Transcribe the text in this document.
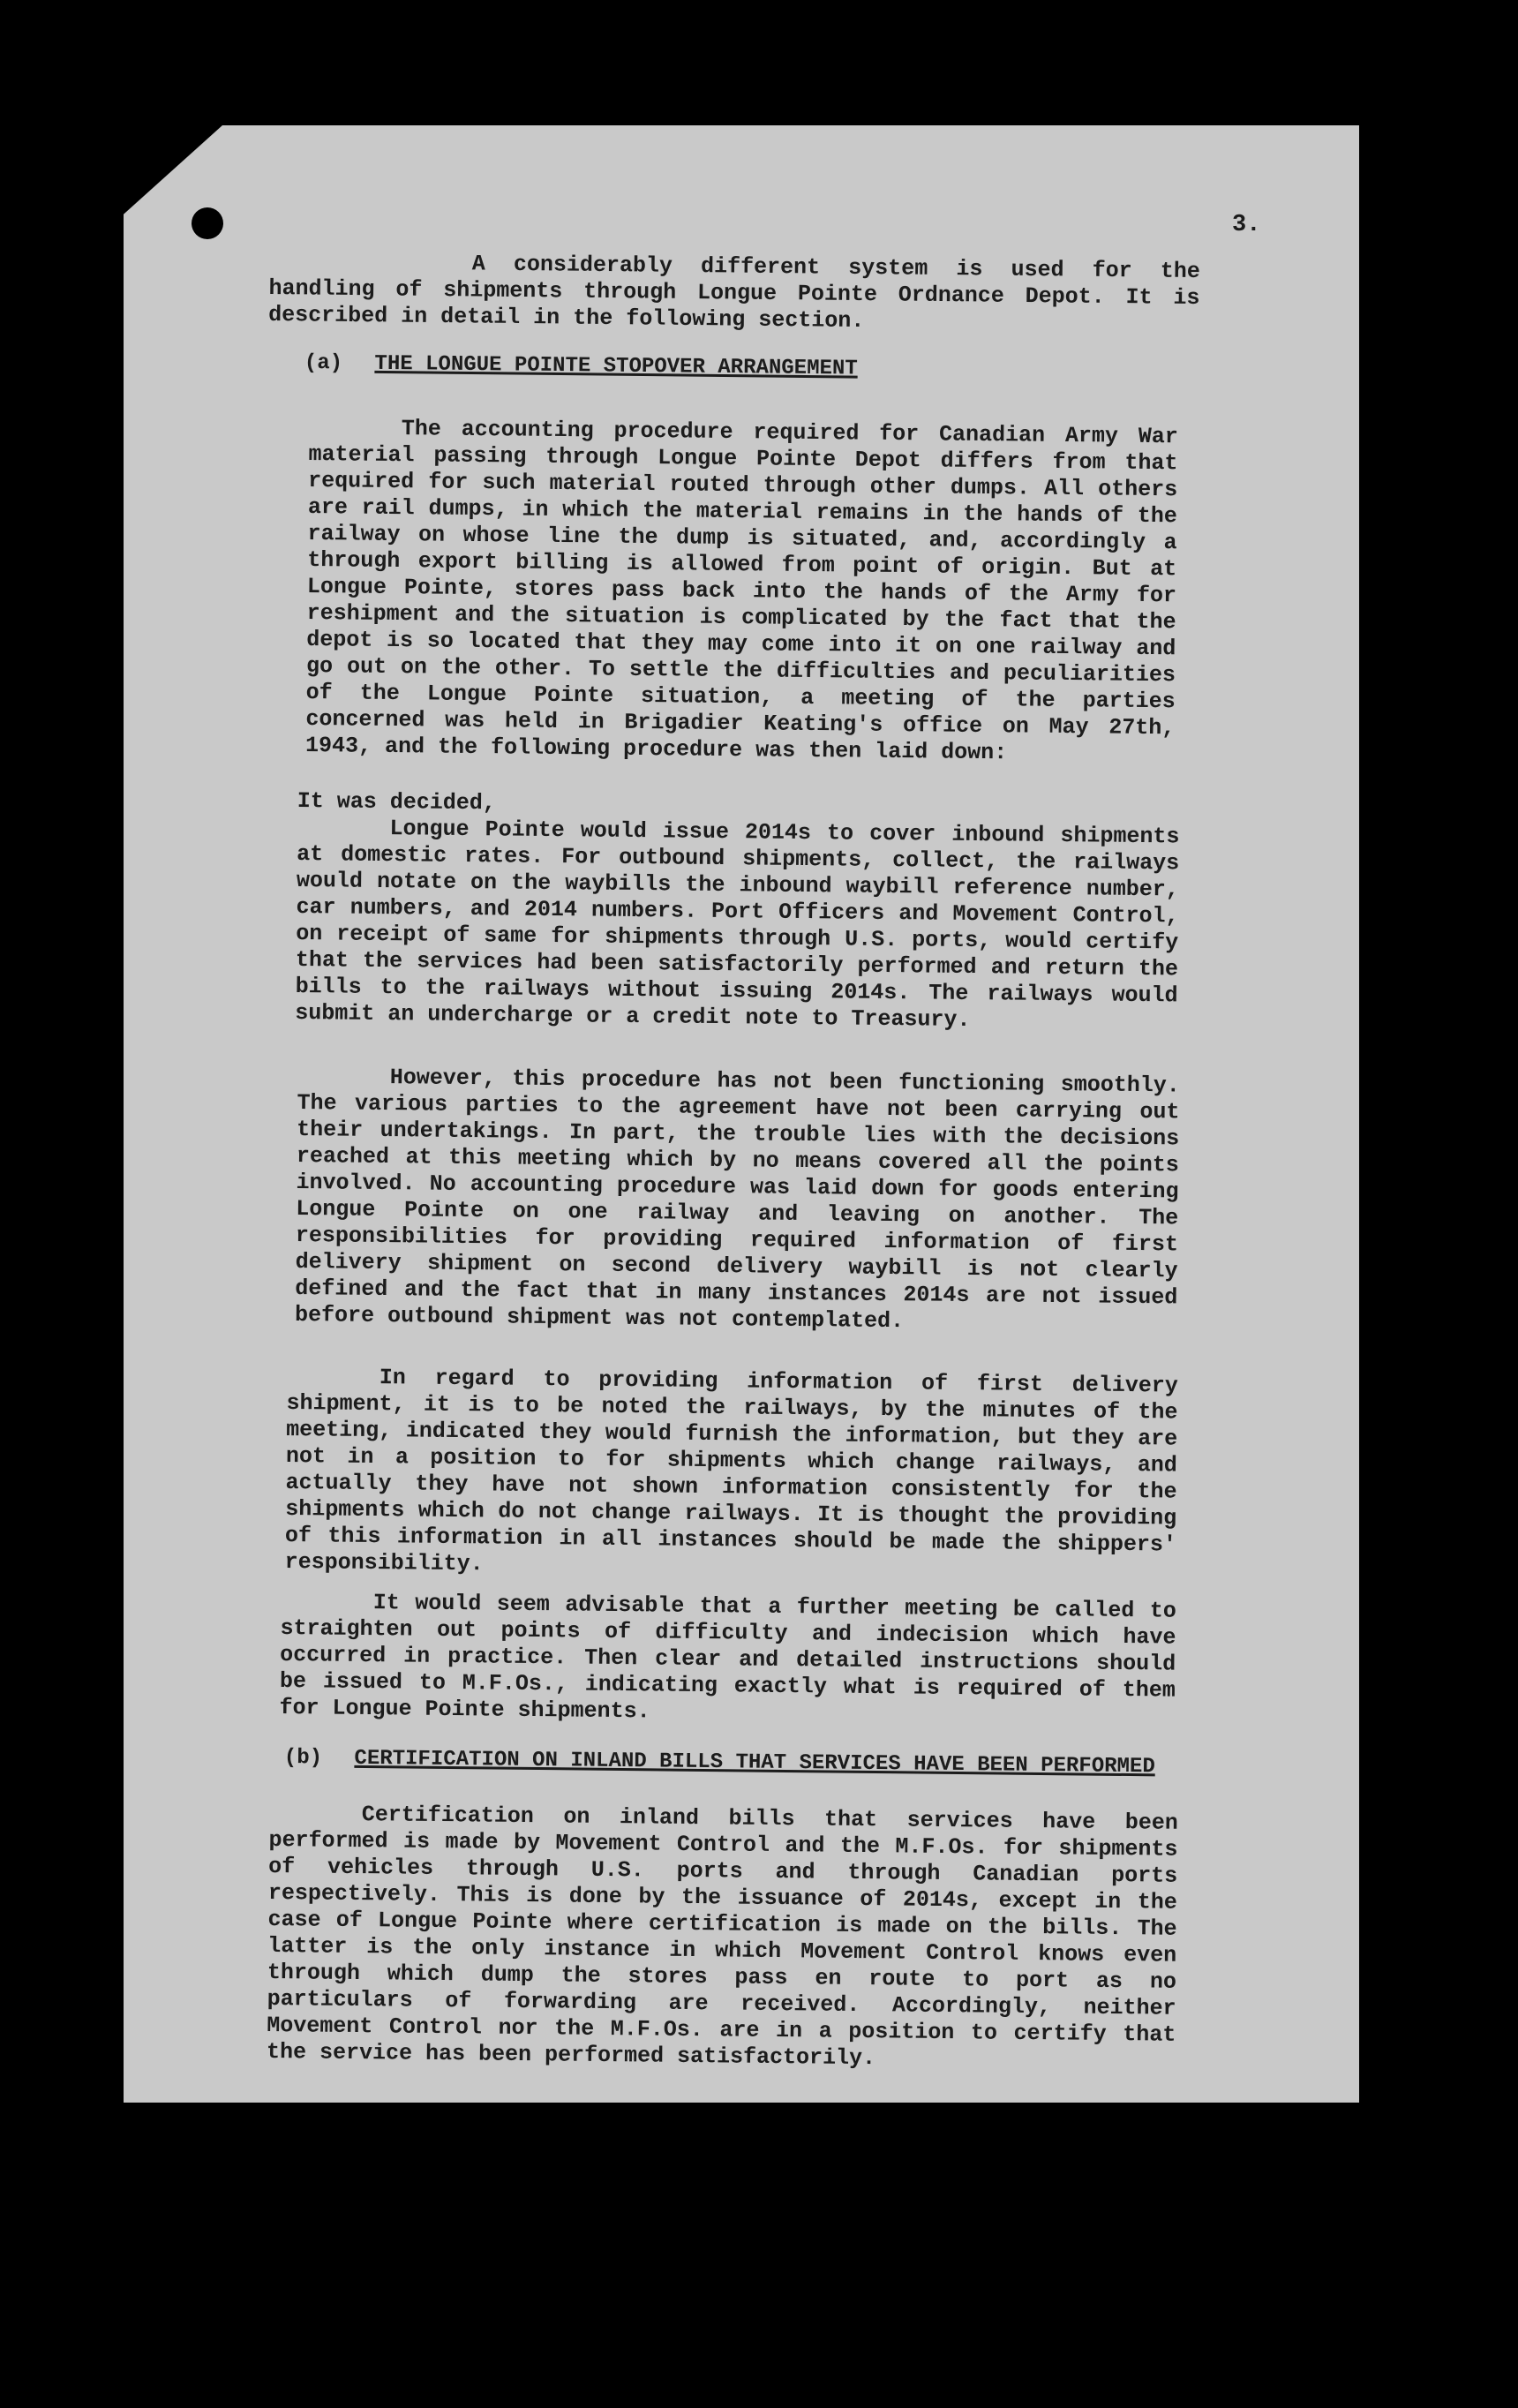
3.

A considerably different system is used for the handling of shipments through Longue Pointe Ordnance Depot. It is described in detail in the following section.

(a) THE LONGUE POINTE STOPOVER ARRANGEMENT

The accounting procedure required for Canadian Army War material passing through Longue Pointe Depot differs from that required for such material routed through other dumps. All others are rail dumps, in which the material remains in the hands of the railway on whose line the dump is situated, and, accordingly a through export billing is allowed from point of origin. But at Longue Pointe, stores pass back into the hands of the Army for reshipment and the situation is complicated by the fact that the depot is so located that they may come into it on one railway and go out on the other. To settle the difficulties and peculiarities of the Longue Pointe situation, a meeting of the parties concerned was held in Brigadier Keating's office on May 27th, 1943, and the following procedure was then laid down:

It was decided,

Longue Pointe would issue 2014s to cover inbound shipments at domestic rates. For outbound shipments, collect, the railways would notate on the waybills the inbound waybill reference number, car numbers, and 2014 numbers. Port Officers and Movement Control, on receipt of same for shipments through U.S. ports, would certify that the services had been satisfactorily performed and return the bills to the railways without issuing 2014s. The railways would submit an undercharge or a credit note to Treasury.

However, this procedure has not been functioning smoothly. The various parties to the agreement have not been carrying out their undertakings. In part, the trouble lies with the decisions reached at this meeting which by no means covered all the points involved. No accounting procedure was laid down for goods entering Longue Pointe on one railway and leaving on another. The responsibilities for providing required information of first delivery shipment on second delivery waybill is not clearly defined and the fact that in many instances 2014s are not issued before outbound shipment was not contemplated.

In regard to providing information of first delivery shipment, it is to be noted the railways, by the minutes of the meeting, indicated they would furnish the information, but they are not in a position to for shipments which change railways, and actually they have not shown information consistently for the shipments which do not change railways. It is thought the providing of this information in all instances should be made the shippers' responsibility.

It would seem advisable that a further meeting be called to straighten out points of difficulty and indecision which have occurred in practice. Then clear and detailed instructions should be issued to M.F.Os., indicating exactly what is required of them for Longue Pointe shipments.

(b) CERTIFICATION ON INLAND BILLS THAT SERVICES HAVE BEEN PERFORMED

Certification on inland bills that services have been performed is made by Movement Control and the M.F.Os. for shipments of vehicles through U.S. ports and through Canadian ports respectively. This is done by the issuance of 2014s, except in the case of Longue Pointe where certification is made on the bills. The latter is the only instance in which Movement Control knows even through which dump the stores pass en route to port as no particulars of forwarding are received. Accordingly, neither Movement Control nor the M.F.Os. are in a position to certify that the service has been performed satisfactorily.
